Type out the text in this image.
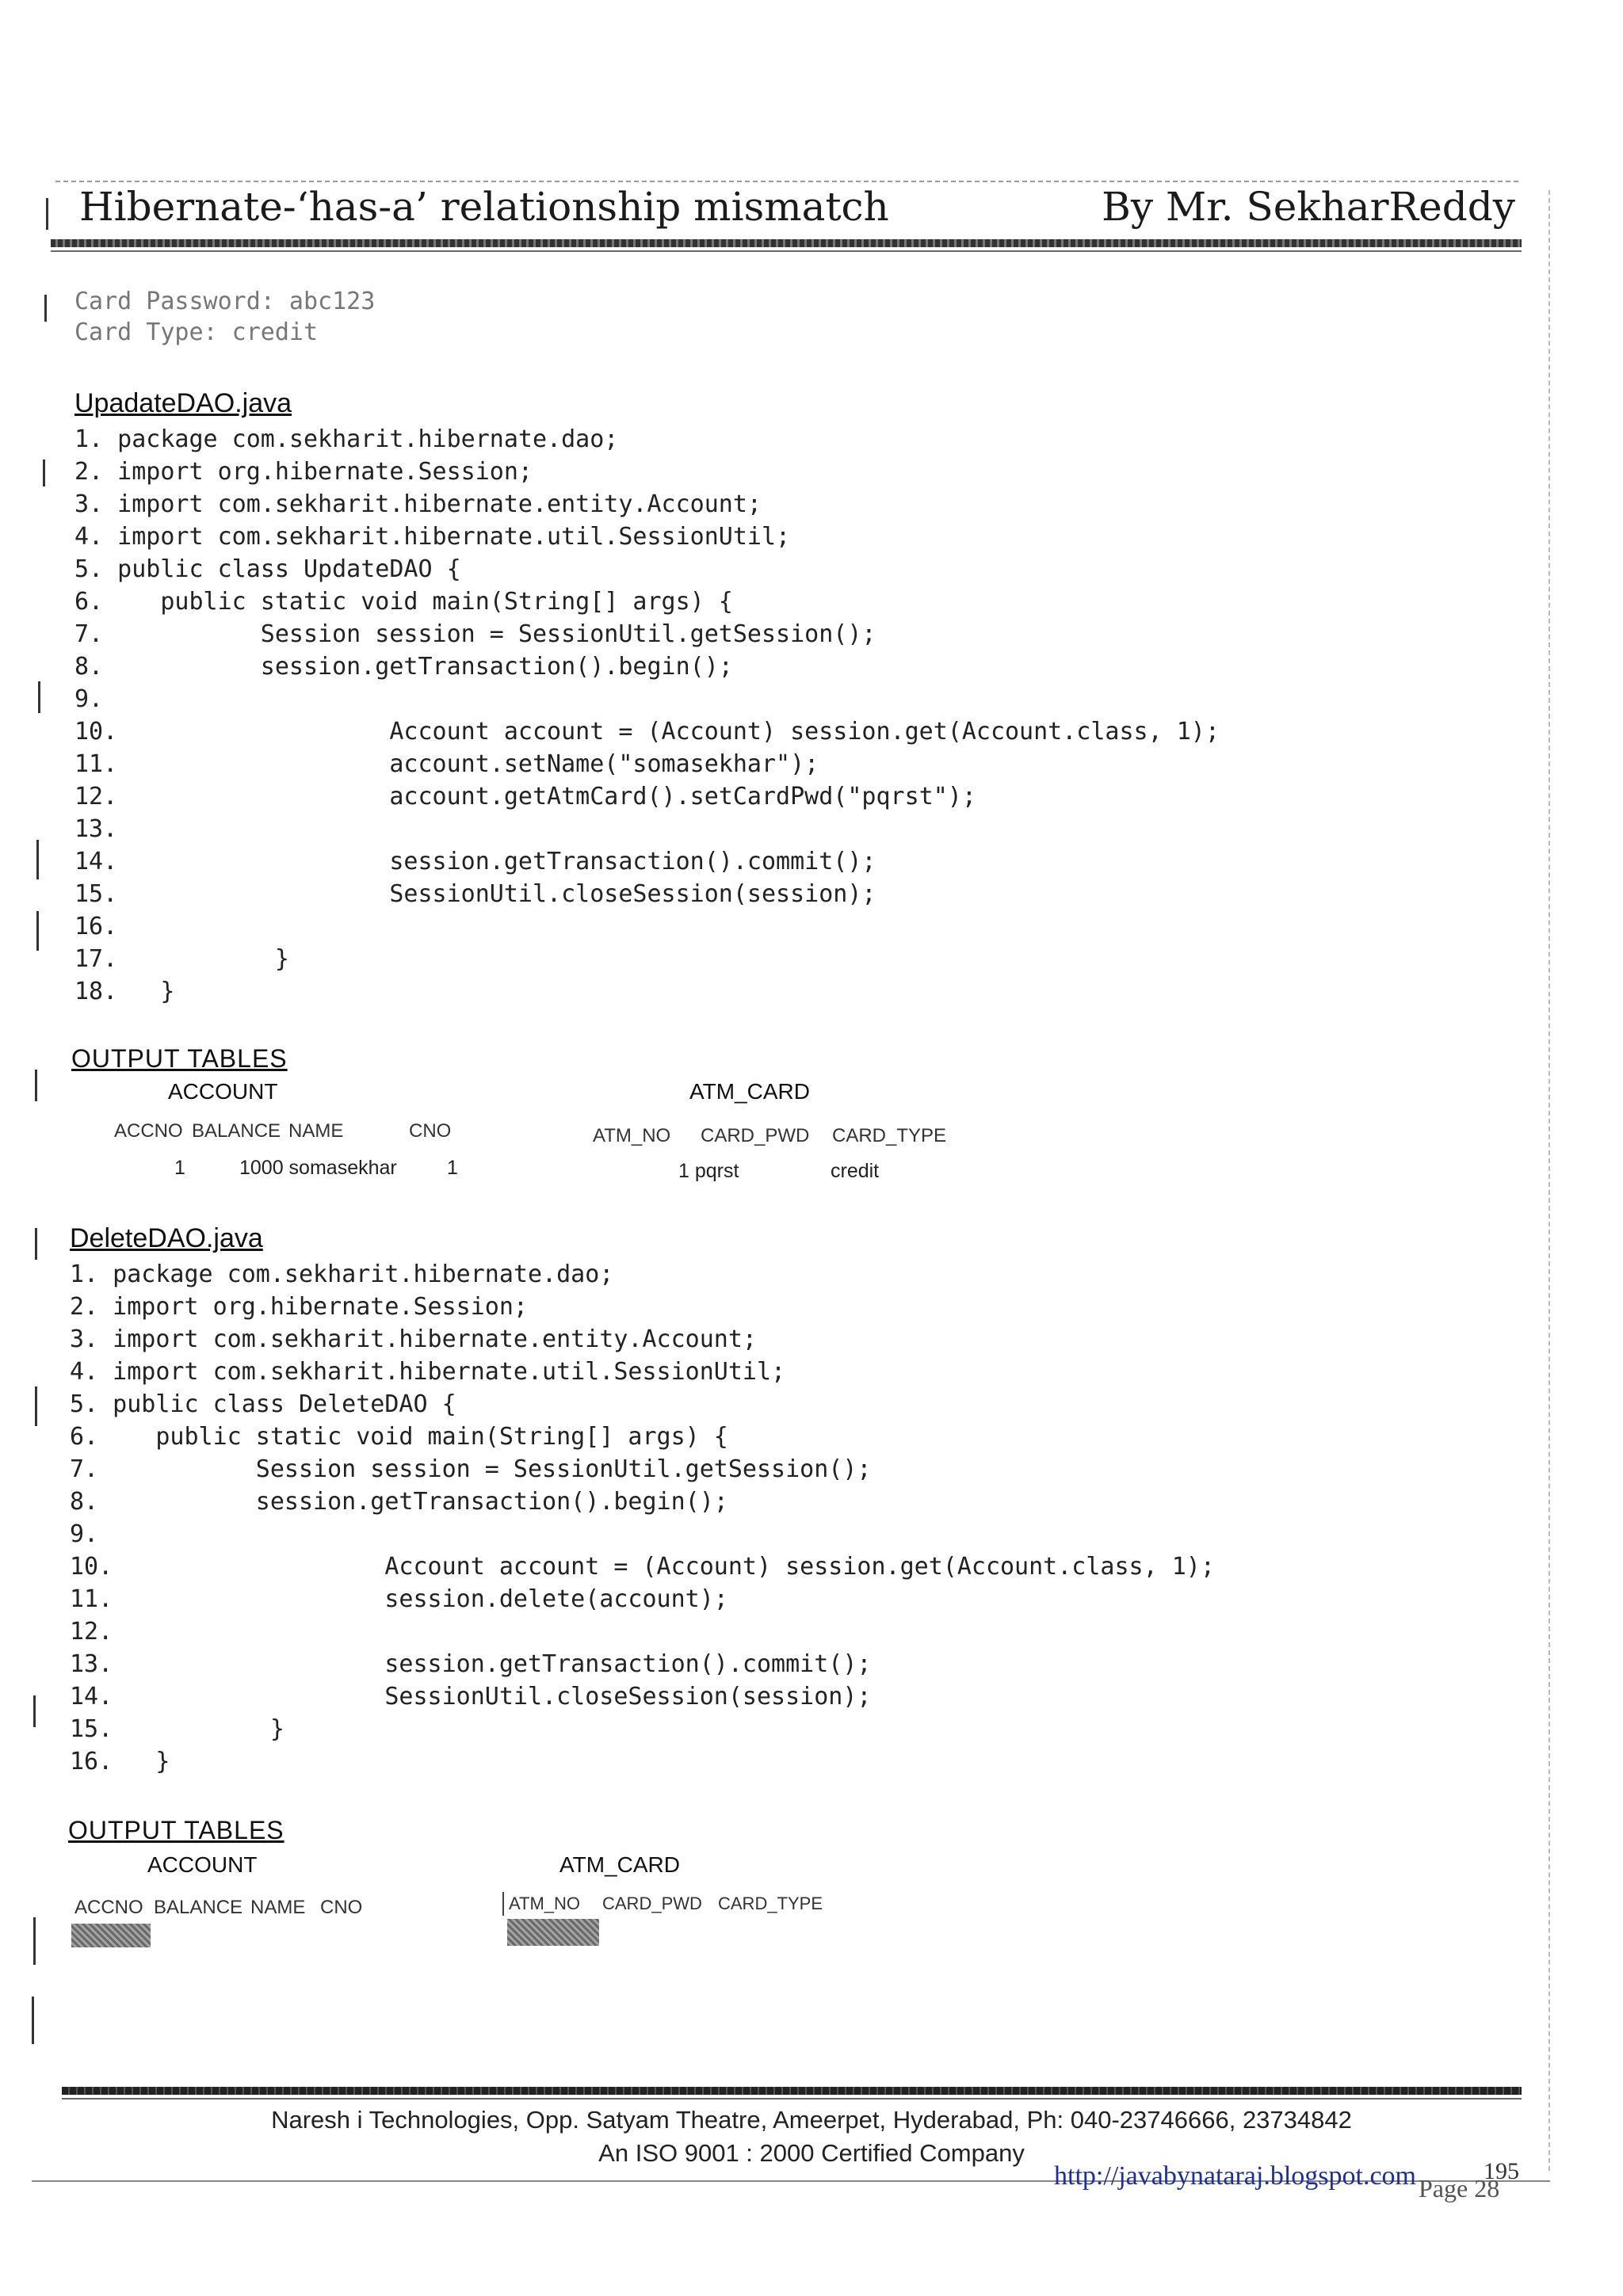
Hibernate-‘has-a’ relationship mismatch	By Mr. SekharReddy
Card Password: abc123
Card Type: credit
UpadateDAO.java
1. package com.sekharit.hibernate.dao;
2. import org.hibernate.Session;
3. import com.sekharit.hibernate.entity.Account;
4. import com.sekharit.hibernate.util.SessionUtil;
5. public class UpdateDAO {
6.    public static void main(String[] args) {
7.           Session session = SessionUtil.getSession();
8.           session.getTransaction().begin();
9.
10.                   Account account = (Account) session.get(Account.class, 1);
11.                   account.setName("somasekhar");
12.                   account.getAtmCard().setCardPwd("pqrst");
13.
14.                   session.getTransaction().commit();
15.                   SessionUtil.closeSession(session);
16.
17.           }
18.   }
OUTPUT TABLES
ACCOUNT	ATM_CARD
ACCNO BALANCE NAME	CNO	ATM_NO CARD_PWD CARD_TYPE
1	1000 somasekhar	1	1 pqrst	credit
DeleteDAO.java
1. package com.sekharit.hibernate.dao;
2. import org.hibernate.Session;
3. import com.sekharit.hibernate.entity.Account;
4. import com.sekharit.hibernate.util.SessionUtil;
5. public class DeleteDAO {
6.    public static void main(String[] args) {
7.           Session session = SessionUtil.getSession();
8.           session.getTransaction().begin();
9.
10.                   Account account = (Account) session.get(Account.class, 1);
11.                   session.delete(account);
12.
13.                   session.getTransaction().commit();
14.                   SessionUtil.closeSession(session);
15.           }
16.   }
OUTPUT TABLES
ACCOUNT	ATM_CARD
ACCNO BALANCE NAME CNO	ATM_NO CARD_PWD CARD_TYPE
Naresh i Technologies, Opp. Satyam Theatre, Ameerpet, Hyderabad, Ph: 040-23746666, 23734842
An ISO 9001 : 2000 Certified Company
http://javabynataraj.blogspot.com	195
Page 28
